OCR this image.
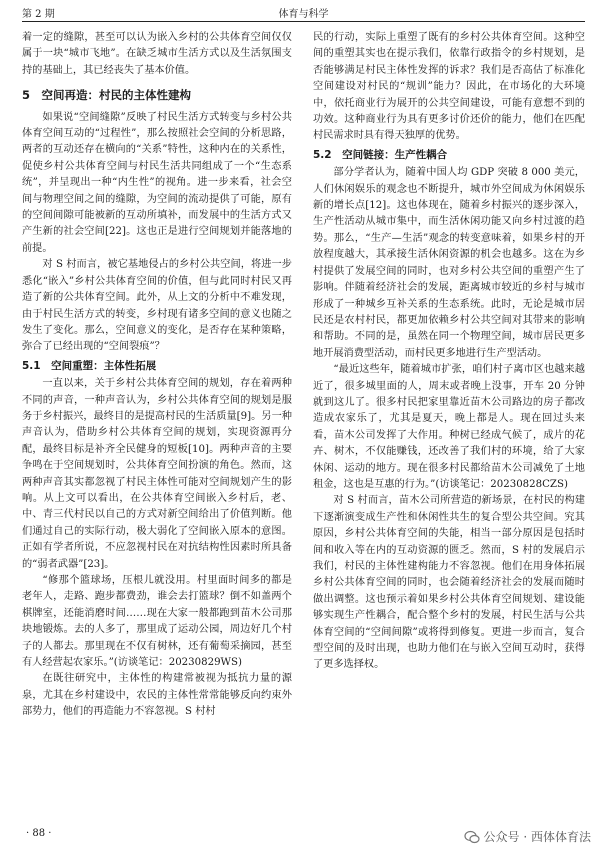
第 2 期	体育与科学

着一定的缝隙，甚至可以认为嵌入乡村的公共体育空间仅仅属于一块“城市飞地”。在缺乏城市生活方式以及生活氛围支持的基础上，其已经丧失了基本价值。

5　空间再造：村民的主体性建构

如果说“空间缝隙”反映了村民生活方式转变与乡村公共体育空间互动的“过程性”，那么按照社会空间的分析思路，两者的互动还存在横向的“关系”特性，这种内在的关系性，促使乡村公共体育空间与村民生活共同组成了一个“生态系统”，并呈现出一种“内生性”的视角。进一步来看，社会空间与物理空间之间的缝隙，为空间的流动提供了可能，原有的空间间隙可能被新的互动所填补，而发展中的生活方式又产生新的社会空间[22]。这也正是进行空间规划并能落地的前提。

对 S 村而言，被它基地侵占的乡村公共空间，将进一步悉化“嵌入”乡村公共体育空间的价值，但与此同时村民又再造了新的公共体育空间。此外，从上文的分析中不难发现，由于村民生活方式的转变，乡村现有诸多空间的意义也随之发生了变化。那么，空间意义的变化，是否存在某种策略，弥合了已经出现的“空间裂痕”？

5.1　空间重塑：主体性拓展

一直以来，关于乡村公共体育空间的规划，存在着两种不同的声音，一种声音认为，乡村公共体育空间的规划是服务于乡村振兴，最终目的是提高村民的生活质量[9]。另一种声音认为，借助乡村公共体育空间的规划，实现资源再分配，最终目标是补齐全民健身的短板[10]。两种声音的主要争鸣在于空间规划时，公共体育空间扮演的角色。然而，这两种声音其实都忽视了村民主体性可能对空间规划产生的影响。从上文可以看出，在公共体育空间嵌入乡村后，老、中、青三代村民以自己的方式对新空间给出了价值判断。他们通过自己的实际行动，极大弱化了空间嵌入原本的意图。正如有学者所说，不应忽视村民在对抗结构性因素时所具备的“弱者武器”[23]。

“修那个篮球场，压根儿就没用。村里面时间多的都是老年人，走路、跑步都费劲，谁会去打篮球？倒不如盖两个棋牌室，还能消磨时间……现在大家一般都跑到苗木公司那块地锻炼。去的人多了，那里成了运动公园，周边好几个村子的人都去。那里现在不仅有树林，还有葡萄采摘园，甚至有人经营起农家乐。”(访谈笔记：20230829WS)

在既往研究中，主体性的构建常被视为抵抗力量的源泉，尤其在乡村建设中，农民的主体性常常能够反向约束外部势力，他们的再造能力不容忽视。S 村村

民的行动，实际上重塑了既有的乡村公共体育空间。这种空间的重塑其实也在提示我们，依靠行政指令的乡村规划，是否能够满足村民主体性发挥的诉求？我们是否高估了标准化空间建设对村民的“规训”能力？因此，在市场化的大环境中，依托商业行为展开的公共空间建设，可能有意想不到的功效。这种商业行为具有更多讨价还价的能力，他们在匹配村民需求时具有得天独厚的优势。

5.2　空间链接：生产性耦合

部分学者认为，随着中国人均 GDP 突破 8 000 美元，人们休闲娱乐的观念也不断提升，城市外空间成为休闲娱乐新的增长点[12]。这也体现在，随着乡村振兴的逐步深入，生产性活动从城市集中，而生活休闲功能又向乡村过渡的趋势。那么，“生产—生活”观念的转变意味着，如果乡村的开放程度越大，其承接生活休闲资源的机会也越多。这在为乡村提供了发展空间的同时，也对乡村公共空间的重塑产生了影响。伴随着经济社会的发展，距离城市较近的乡村与城市形成了一种城乡互补关系的生态系统。此时，无论是城市居民还是农村村民，都更加依赖乡村公共空间对其带来的影响和帮助。不同的是，虽然在同一个物理空间，城市居民更多地开展消费型活动，而村民更多地进行生产型活动。

“最近这些年，随着城市扩张，咱们村子离市区也越来越近了，很多城里面的人，周末或者晚上没事，开车 20 分钟就到这儿了。很多村民把家里靠近苗木公司路边的房子都改造成农家乐了，尤其是夏天，晚上都是人。现在回过头来看，苗木公司发挥了大作用。种树已经成气候了，成片的花卉、树木，不仅能赚钱，还改善了我们村的环境，给了大家休闲、运动的地方。现在很多村民都给苗木公司减免了土地租金，这也是互惠的行为。”(访谈笔记：20230828CZS)

对 S 村而言，苗木公司所营造的新场景，在村民的构建下逐渐演变成生产性和休闲性共生的复合型公共空间。究其原因，乡村公共体育空间的失能，相当一部分原因是包括时间和收入等在内的互动资源的匮乏。然而，S 村的发展启示我们，村民的主体性建构能力不容忽视。他们在用身体拓展乡村公共体育空间的同时，也会随着经济社会的发展而随时做出调整。这也预示着如果乡村公共体育空间规划、建设能够实现生产性耦合，配合整个乡村的发展，村民生活与公共体育空间的“空间间隙”或将得到修复。更进一步而言，复合型空间的及时出现，也助力他们在与嵌入空间互动时，获得了更多选择权。

· 88 ·	公众号 · 西体体育法
